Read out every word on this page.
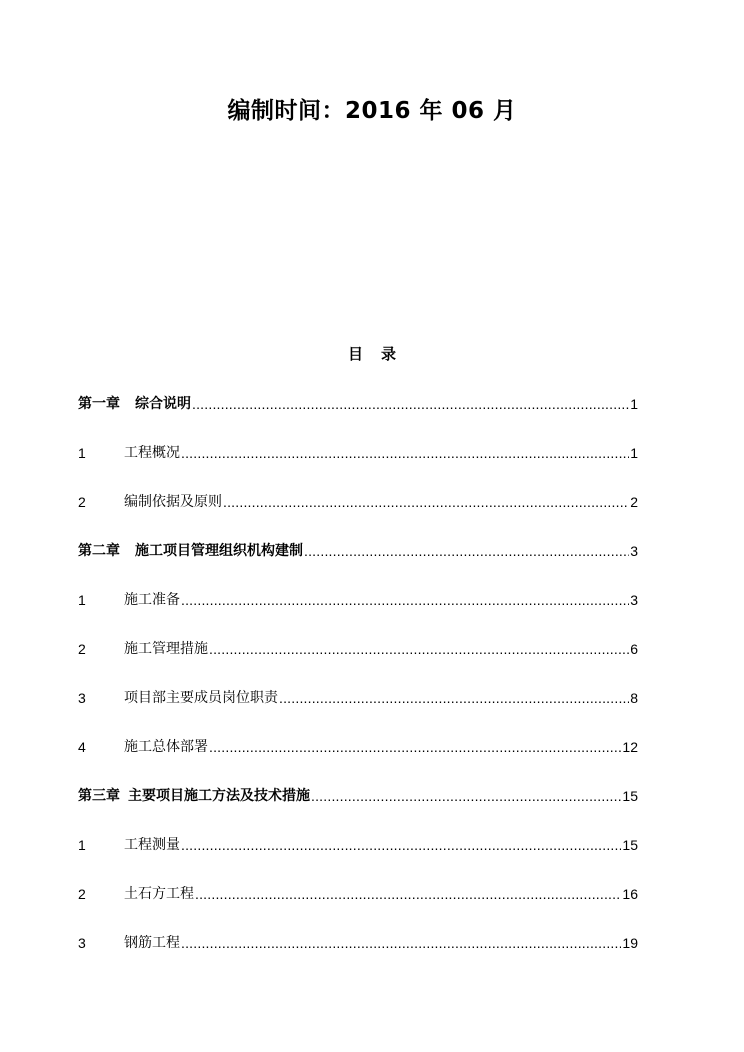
编制时间：2016 年 06 月
目 录
第一章	综合说明 .....	1
1	工程概况 .....	1
2	编制依据及原则 .....	2
第二章	施工项目管理组织机构建制 .....	3
1	施工准备 .....	3
2	施工管理措施 .....	6
3	项目部主要成员岗位职责 .....	8
4	施工总体部署 .....	12
第三章 主要项目施工方法及技术措施 .....	15
1	工程测量 .....	15
2	土石方工程 .....	16
3	钢筋工程 .....	19
